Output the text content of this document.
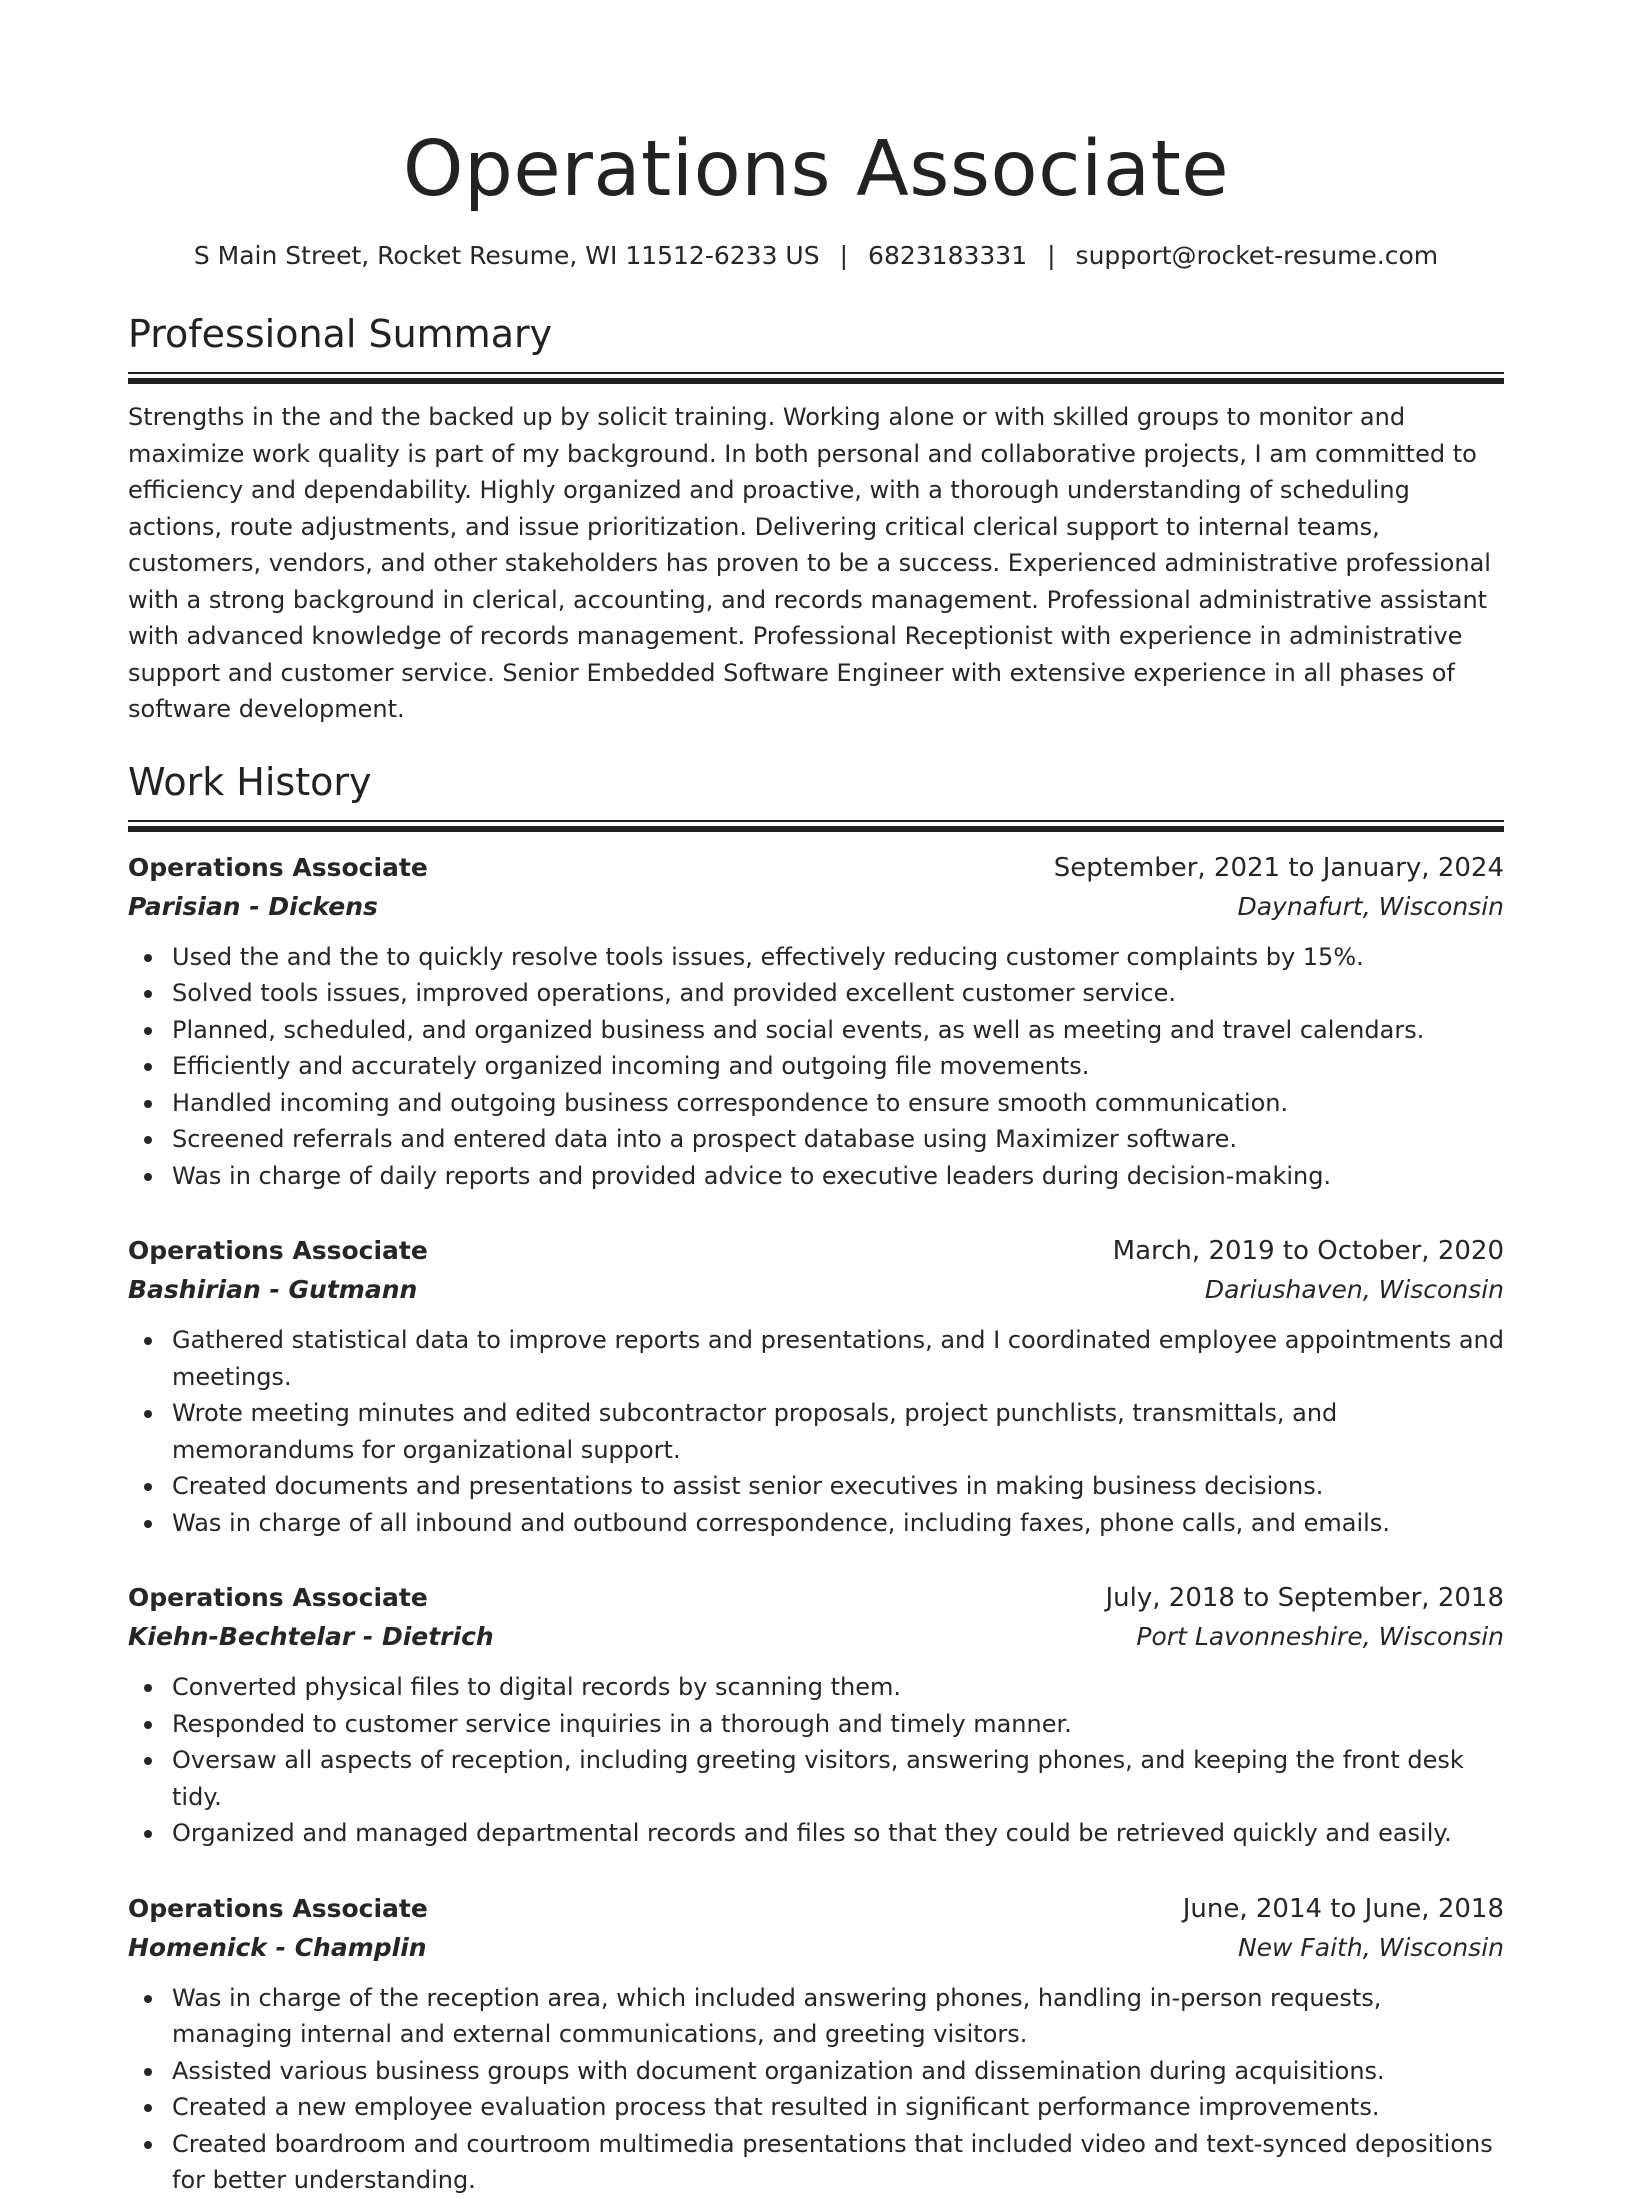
Operations Associate
S Main Street, Rocket Resume, WI 11512-6233 US | 6823183331 | support@rocket-resume.com
Professional Summary
Strengths in the and the backed up by solicit training. Working alone or with skilled groups to monitor and maximize work quality is part of my background. In both personal and collaborative projects, I am committed to efficiency and dependability. Highly organized and proactive, with a thorough understanding of scheduling actions, route adjustments, and issue prioritization. Delivering critical clerical support to internal teams, customers, vendors, and other stakeholders has proven to be a success. Experienced administrative professional with a strong background in clerical, accounting, and records management. Professional administrative assistant with advanced knowledge of records management. Professional Receptionist with experience in administrative support and customer service. Senior Embedded Software Engineer with extensive experience in all phases of software development.
Work History
Operations Associate	September, 2021 to January, 2024
Parisian - Dickens	Daynafurt, Wisconsin
Used the and the to quickly resolve tools issues, effectively reducing customer complaints by 15%.
Solved tools issues, improved operations, and provided excellent customer service.
Planned, scheduled, and organized business and social events, as well as meeting and travel calendars.
Efficiently and accurately organized incoming and outgoing file movements.
Handled incoming and outgoing business correspondence to ensure smooth communication.
Screened referrals and entered data into a prospect database using Maximizer software.
Was in charge of daily reports and provided advice to executive leaders during decision-making.
Operations Associate	March, 2019 to October, 2020
Bashirian - Gutmann	Dariushaven, Wisconsin
Gathered statistical data to improve reports and presentations, and I coordinated employee appointments and meetings.
Wrote meeting minutes and edited subcontractor proposals, project punchlists, transmittals, and memorandums for organizational support.
Created documents and presentations to assist senior executives in making business decisions.
Was in charge of all inbound and outbound correspondence, including faxes, phone calls, and emails.
Operations Associate	July, 2018 to September, 2018
Kiehn-Bechtelar - Dietrich	Port Lavonneshire, Wisconsin
Converted physical files to digital records by scanning them.
Responded to customer service inquiries in a thorough and timely manner.
Oversaw all aspects of reception, including greeting visitors, answering phones, and keeping the front desk tidy.
Organized and managed departmental records and files so that they could be retrieved quickly and easily.
Operations Associate	June, 2014 to June, 2018
Homenick - Champlin	New Faith, Wisconsin
Was in charge of the reception area, which included answering phones, handling in-person requests, managing internal and external communications, and greeting visitors.
Assisted various business groups with document organization and dissemination during acquisitions.
Created a new employee evaluation process that resulted in significant performance improvements.
Created boardroom and courtroom multimedia presentations that included video and text-synced depositions for better understanding.
